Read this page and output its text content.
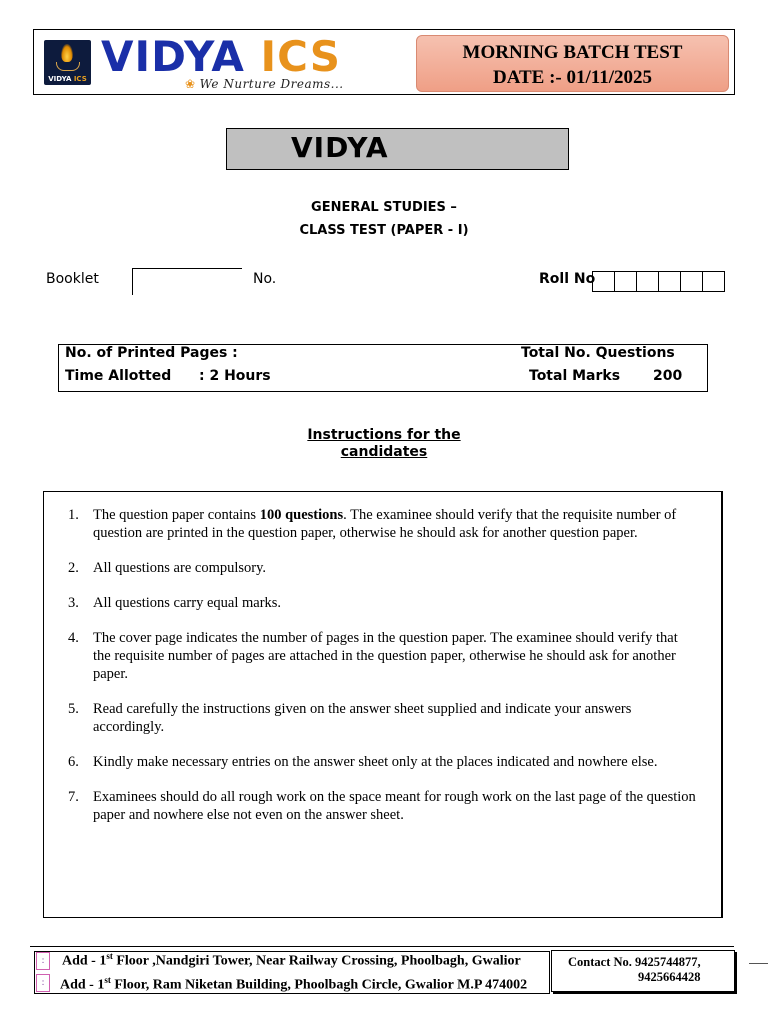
VIDYA ICS VIDYA ICS
❀ We Nurture Dreams...
MORNING BATCH TEST
DATE :- 01/11/2025
VIDYA
GENERAL STUDIES –
CLASS TEST (PAPER - I)
Booklet	No.	Roll No
No. of Printed Pages :	Total No. Questions
Time Allotted : 2 Hours	Total Marks 200
Instructions for the
candidates
1. The question paper contains 100 questions. The examinee should verify that the requisite number of question are printed in the question paper, otherwise he should ask for another question paper.
2. All questions are compulsory.
3. All questions carry equal marks.
4. The cover page indicates the number of pages in the question paper. The examinee should verify that the requisite number of pages are attached in the question paper, otherwise he should ask for another paper.
5. Read carefully the instructions given on the answer sheet supplied and indicate your answers accordingly.
6. Kindly make necessary entries on the answer sheet only at the places indicated and nowhere else.
7. Examinees should do all rough work on the space meant for rough work on the last page of the question paper and nowhere else not even on the answer sheet.
:
:
Add - 1st Floor ,Nandgiri Tower, Near Railway Crossing, Phoolbagh, Gwalior
Add - 1st Floor, Ram Niketan Building, Phoolbagh Circle, Gwalior M.P 474002
Contact No. 9425744877,
9425664428
